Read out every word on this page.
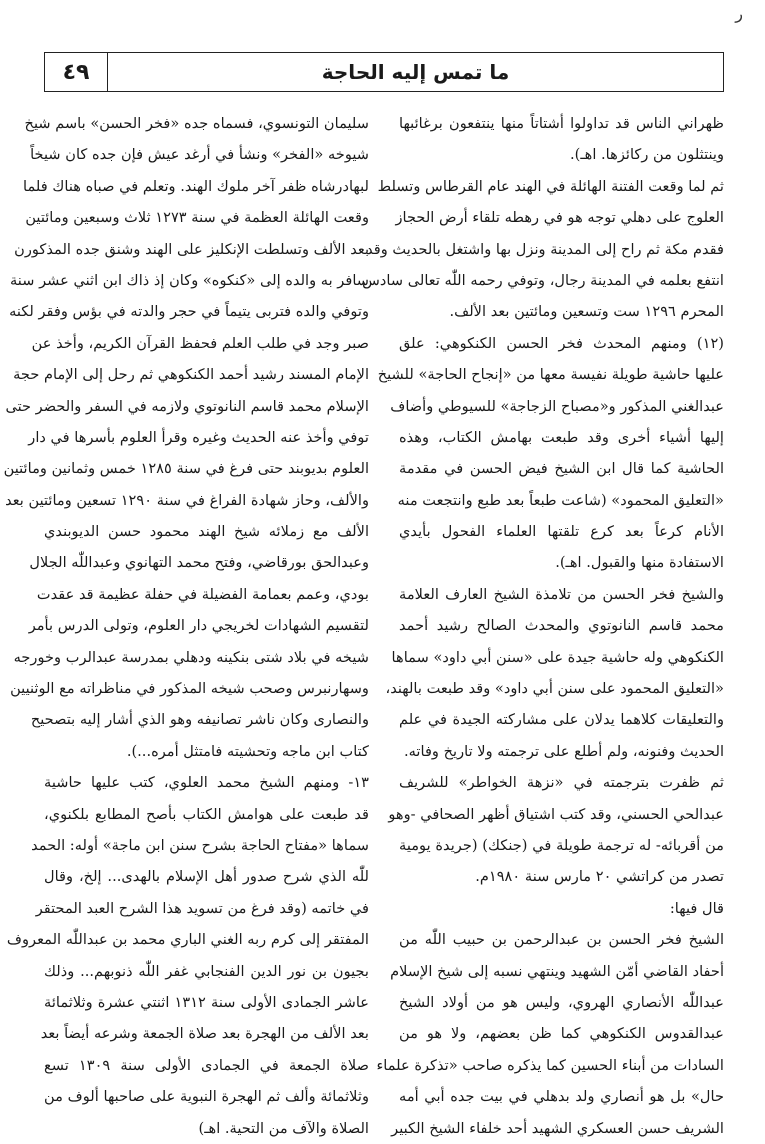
ﺭ
٤٩	ما تمس إليه الحاجة
سليمان التونسوي، فسماه جده «فخر الحسن» باسم شيخ
شيوخه «الفخر» ونشأ في أرغد عيش فإن جده كان شيخاً
لبهادرشاه ظفر آخر ملوك الهند. وتعلم في صباه هناك فلما
وقعت الهائلة العظمة في سنة ١٢٧٣ ثلاث وسبعين ومائتين
بعد الألف وتسلطت الإنكليز على الهند وشنق جده المذكورن
سافر به والده إلى «كنكوه» وكان إذ ذاك ابن اثني عشر سنة
وتوفي والده فتربى يتيماً في حجر والدته في بؤس وفقر لكنه
صبر وجد في طلب العلم فحفظ القرآن الكريم، وأخذ عن
الإمام المسند رشيد أحمد الكنكوهي ثم رحل إلى الإمام حجة
الإسلام محمد قاسم النانوتوي ولازمه في السفر والحضر حتى
توفي وأخذ عنه الحديث وغيره وقرأ العلوم بأسرها في دار
العلوم بديوبند حتى فرغ في سنة ١٢٨٥ خمس وثمانين ومائتين
والألف، وحاز شهادة الفراغ في سنة ١٢٩٠ تسعين ومائتين بعد
الألف مع زملائه شيخ الهند محمود حسن الديوبندي
وعبدالحق بورقاضي، وفتح محمد التهانوي وعبداللّٰه الجلال
بودي، وعمم بعمامة الفضيلة في حفلة عظيمة قد عقدت
لتقسيم الشهادات لخريجي دار العلوم، وتولى الدرس بأمر
شيخه في بلاد شتى بنكينه ودهلي بمدرسة عبدالرب وخورجه
وسهارنبرس وصحب شيخه المذكور في مناظراته مع الوثنيين
والنصارى وكان ناشر تصانيفه وهو الذي أشار إليه بتصحيح
كتاب ابن ماجه وتحشيته فامتثل أمره...).
١٣- ومنهم الشيخ محمد العلوي، كتب عليها حاشية
قد طبعت على هوامش الكتاب بأصح المطابع بلكنوي،
سماها «مفتاح الحاجة بشرح سنن ابن ماجة» أوله: الحمد
للّٰه الذي شرح صدور أهل الإسلام بالهدى... إلخ، وقال
في خاتمه (وقد فرغ من تسويد هذا الشرح العبد المحتقر
المفتقر إلى كرم ربه الغني الباري محمد بن عبداللّٰه المعروف
بجيون بن نور الدين الفنجابي غفر اللّٰه ذنوبهم... وذلك
عاشر الجمادى الأولى سنة ١٣١٢ اثنتي عشرة وثلاثمائة
بعد الألف من الهجرة بعد صلاة الجمعة وشرعه أيضاً بعد
صلاة الجمعة في الجمادى الأولى سنة ١٣٠٩ تسع
وثلاثمائة وألف ثم الهجرة النبوية على صاحبها ألوف من
الصلاة والآف من التحية. اهـ)
ظهراني الناس قد تداولوا أشتاتاً منها ينتفعون برغائبها
وينتثلون من ركائزها. اهـ).
ثم لما وقعت الفتنة الهائلة في الهند عام القرطاس وتسلط
العلوج على دهلي توجه هو في رهطه تلقاء أرض الحجاز
فقدم مكة ثم راح إلى المدينة ونزل بها واشتغل بالحديث وقد
انتفع بعلمه في المدينة رجال، وتوفي رحمه اللّٰه تعالى سادس
المحرم ١٢٩٦ ست وتسعين ومائتين بعد الألف.
(١٢) ومنهم المحدث فخر الحسن الكنكوهي: علق
عليها حاشية طويلة نفيسة معها من «إنجاح الحاجة» للشيخ
عبدالغني المذكور و«مصباح الزجاجة» للسيوطي وأضاف
إليها أشياء أخرى وقد طبعت بهامش الكتاب، وهذه
الحاشية كما قال ابن الشيخ فيض الحسن في مقدمة
«التعليق المحمود» (شاعت طبعاً بعد طبع وانتجعت منه
الأنام كرعاً بعد كرع تلقتها العلماء الفحول بأيدي
الاستفادة منها والقبول. اهـ).
والشيخ فخر الحسن من تلامذة الشيخ العارف العلامة
محمد قاسم النانوتوي والمحدث الصالح رشيد أحمد
الكنكوهي وله حاشية جيدة على «سنن أبي داود» سماها
«التعليق المحمود على سنن أبي داود» وقد طبعت بالهند،
والتعليقات كلاهما يدلان على مشاركته الجيدة في علم
الحديث وفنونه، ولم أطلع على ترجمته ولا تاريخ وفاته.
ثم ظفرت بترجمته في «نزهة الخواطر» للشريف
عبدالحي الحسني، وقد كتب اشتياق أظهر الصحافي -وهو
من أقربائه- له ترجمة طويلة في (جنكك) (جريدة يومية
تصدر من كراتشي ٢٠ مارس سنة ١٩٨٠م.
قال فيها:
الشيخ فخر الحسن بن عبدالرحمن بن حبيب اللّٰه من
أحفاد القاضي أمّن الشهيد وينتهي نسبه إلى شيخ الإسلام
عبداللّٰه الأنصاري الهروي، وليس هو من أولاد الشيخ
عبدالقدوس الكنكوهي كما ظن بعضهم، ولا هو من
السادات من أبناء الحسين كما يذكره صاحب «تذكرة علماء
حال» بل هو أنصاري ولد بدهلي في بيت جده أبي أمه
الشريف حسن العسكري الشهيد أحد خلفاء الشيخ الكبير
